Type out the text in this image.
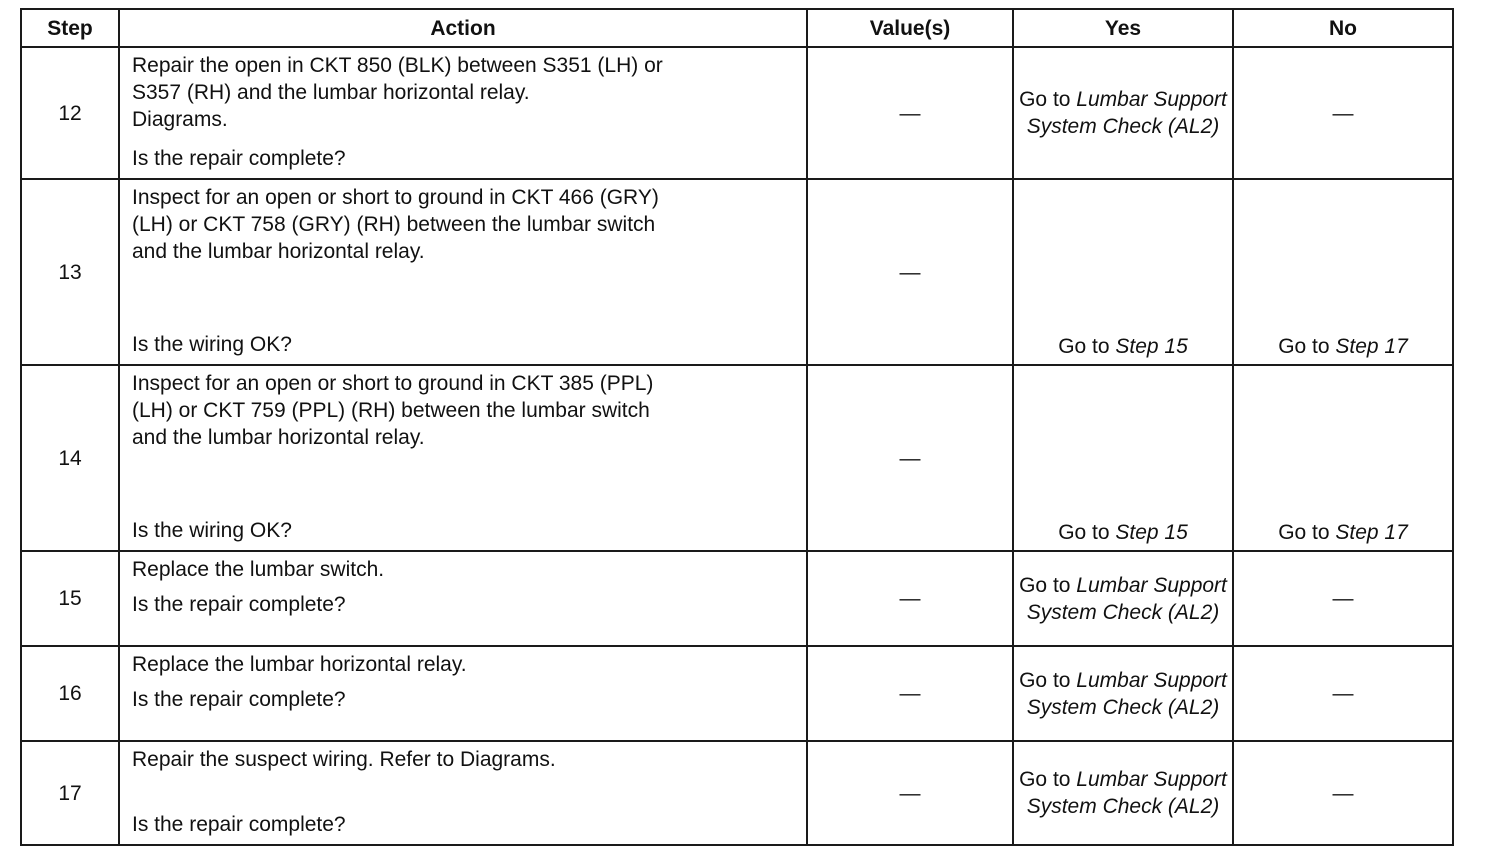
Step	Action	Value(s)	Yes	No
12	Repair the open in CKT 850 (BLK) between S351 (LH) or
S357 (RH) and the lumbar horizontal relay.
Diagrams.
Is the repair complete?	—	Go to Lumbar Support System Check (AL2)	—
13	Inspect for an open or short to ground in CKT 466 (GRY)
(LH) or CKT 758 (GRY) (RH) between the lumbar switch
and the lumbar horizontal relay.
Is the wiring OK?	—	Go to Step 15	Go to Step 17
14	Inspect for an open or short to ground in CKT 385 (PPL)
(LH) or CKT 759 (PPL) (RH) between the lumbar switch
and the lumbar horizontal relay.
Is the wiring OK?	—	Go to Step 15	Go to Step 17
15	Replace the lumbar switch.
Is the repair complete?	—	Go to Lumbar Support System Check (AL2)	—
16	Replace the lumbar horizontal relay.
Is the repair complete?	—	Go to Lumbar Support System Check (AL2)	—
17	Repair the suspect wiring. Refer to Diagrams.
Is the repair complete?	—	Go to Lumbar Support System Check (AL2)	—
